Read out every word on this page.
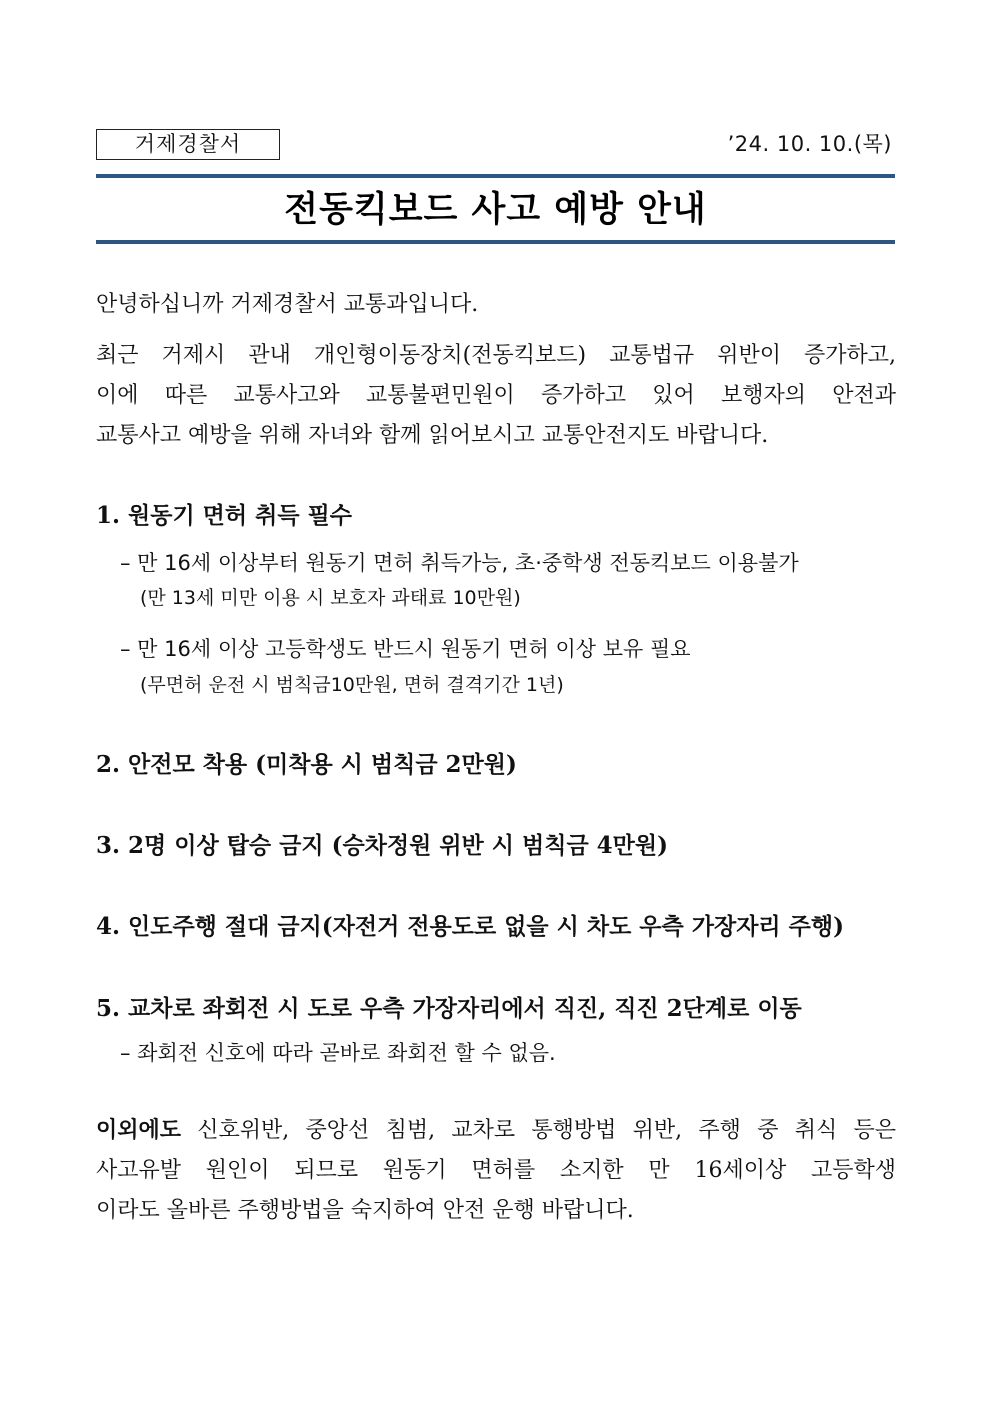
거제경찰서	’24. 10. 10.(목)
전동킥보드 사고 예방 안내

안녕하십니까 거제경찰서 교통과입니다.

최근 거제시 관내 개인형이동장치(전동킥보드) 교통법규 위반이 증가하고,

이에 따른 교통사고와 교통불편민원이 증가하고 있어 보행자의 안전과

교통사고 예방을 위해 자녀와 함께 읽어보시고 교통안전지도 바랍니다.

1. 원동기 면허 취득 필수

– 만 16세 이상부터 원동기 면허 취득가능, 초·중학생 전동킥보드 이용불가

(만 13세 미만 이용 시 보호자 과태료 10만원)

– 만 16세 이상 고등학생도 반드시 원동기 면허 이상 보유 필요

(무면허 운전 시 범칙금10만원, 면허 결격기간 1년)

2. 안전모 착용 (미착용 시 범칙금 2만원)
3. 2명 이상 탑승 금지 (승차정원 위반 시 범칙금 4만원)
4. 인도주행 절대 금지(자전거 전용도로 없을 시 차도 우측 가장자리 주행)
5. 교차로 좌회전 시 도로 우측 가장자리에서 직진, 직진 2단계로 이동

– 좌회전 신호에 따라 곧바로 좌회전 할 수 없음.

이외에도 신호위반, 중앙선 침범, 교차로 통행방법 위반, 주행 중 취식 등은

사고유발 원인이 되므로 원동기 면허를 소지한 만 16세이상 고등학생

이라도 올바른 주행방법을 숙지하여 안전 운행 바랍니다.
